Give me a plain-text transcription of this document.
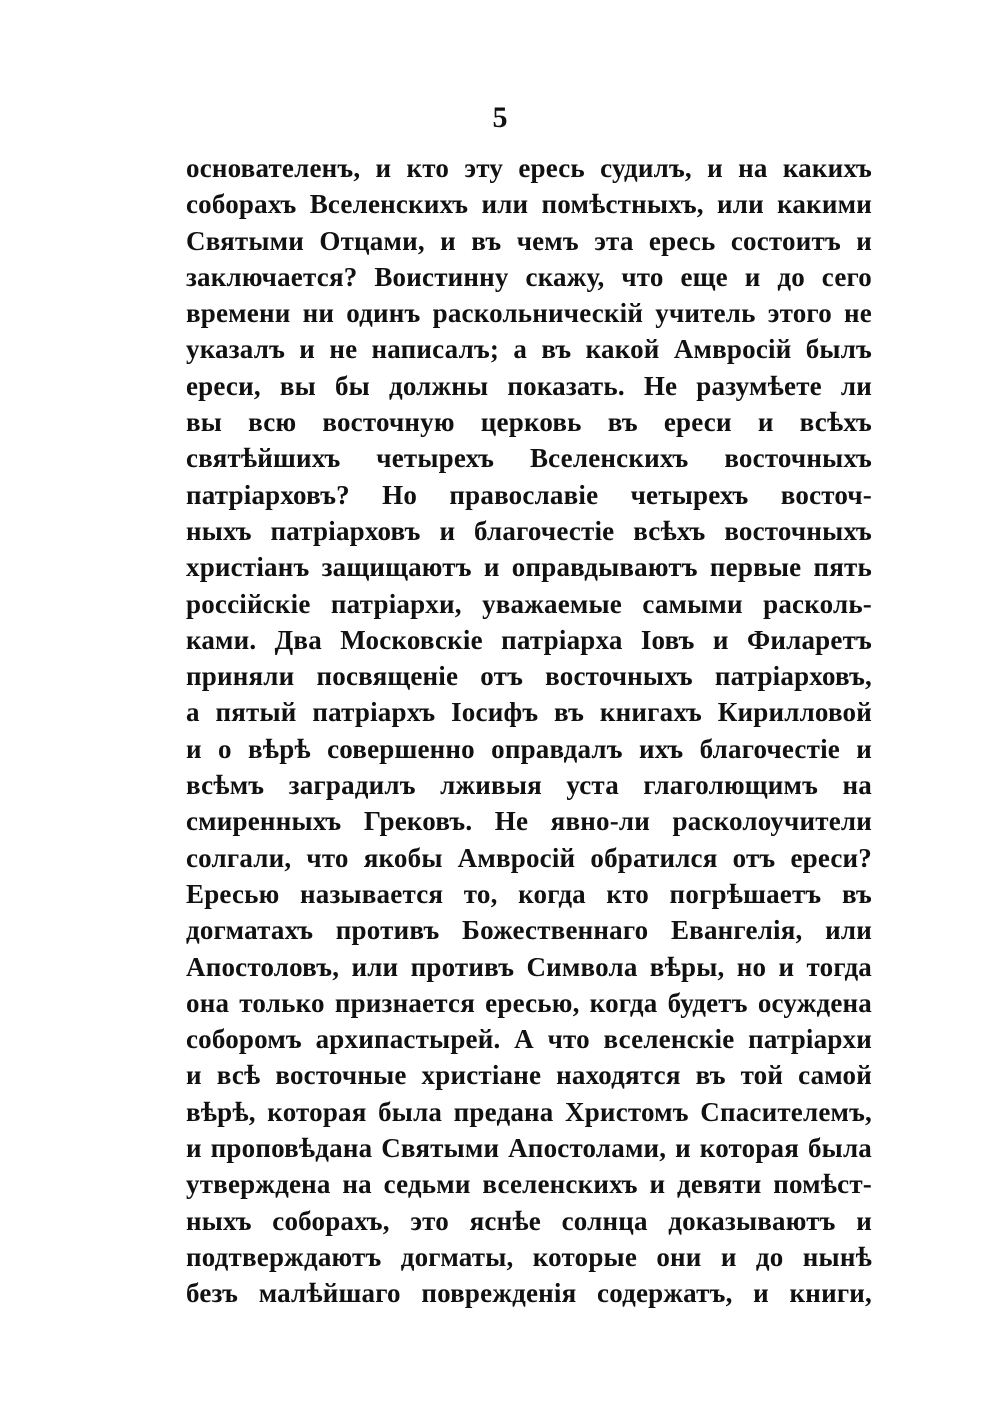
5
основателенъ, и кто эту ересь судилъ, и на какихъ
соборахъ Вселенскихъ или помѣстныхъ, или какими
Святыми Отцами, и въ чемъ эта ересь состоитъ и
заключается? Воистинну скажу, что еще и до сего
времени ни одинъ раскольническій учитель этого не
указалъ и не написалъ; а въ какой Амвросій былъ
ереси, вы бы должны показать. Не разумѣете ли
вы всю восточную церковь въ ереси и всѣхъ
святѣйшихъ четырехъ Вселенскихъ восточныхъ
патріарховъ? Но православіе четырехъ восточ-
ныхъ патріарховъ и благочестіе всѣхъ восточныхъ
христіанъ защищаютъ и оправдываютъ первые пять
россійскіе патріархи, уважаемые самыми расколь-
ками. Два Московскіе патріарха Іовъ и Филаретъ
приняли посвященіе отъ восточныхъ патріарховъ,
а пятый патріархъ Іосифъ въ книгахъ Кирилловой
и о вѣрѣ совершенно оправдалъ ихъ благочестіе и
всѣмъ заградилъ лживыя уста глаголющимъ на
смиренныхъ Грековъ. Не явно-ли расколоучители
солгали, что якобы Амвросій обратился отъ ереси?
Ересью называется то, когда кто погрѣшаетъ въ
догматахъ противъ Божественнаго Евангелія, или
Апостоловъ, или противъ Символа вѣры, но и тогда
она только признается ересью, когда будетъ осуждена
соборомъ архипастырей. А что вселенскіе патріархи
и всѣ восточные христіане находятся въ той самой
вѣрѣ, которая была предана Христомъ Спасителемъ,
и проповѣдана Святыми Апостолами, и которая была
утверждена на седьми вселенскихъ и девяти помѣст-
ныхъ соборахъ, это яснѣе солнца доказываютъ и
подтверждаютъ догматы, которые они и до нынѣ
безъ малѣйшаго поврежденія содержатъ, и книги,
